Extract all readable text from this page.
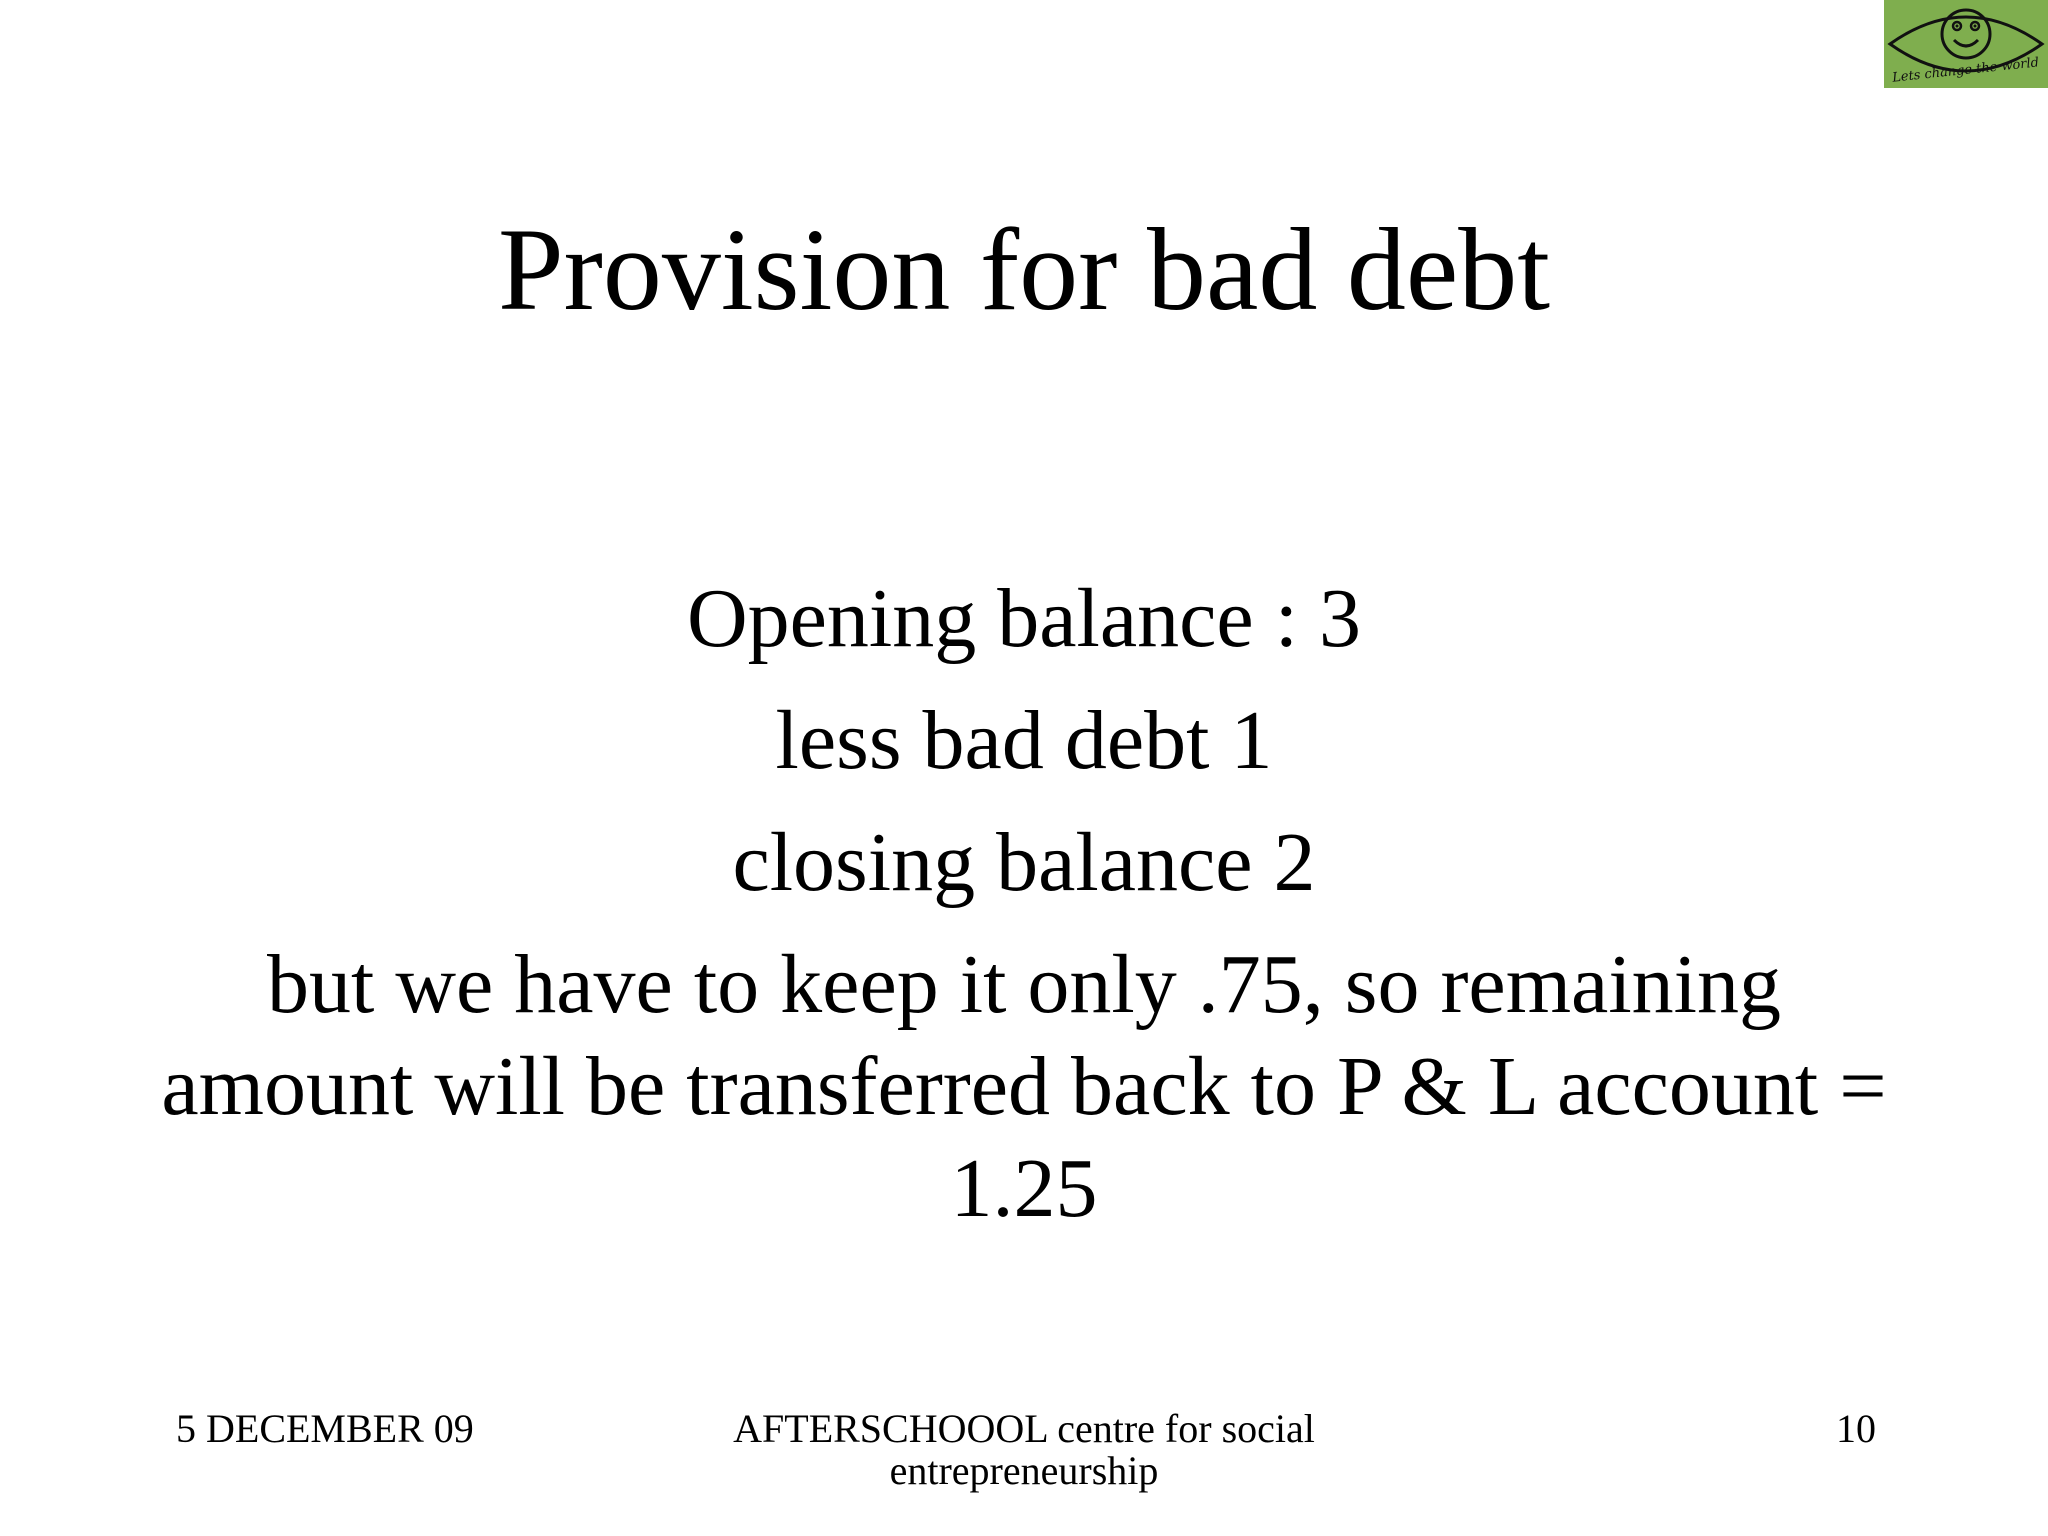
Lets change the world
Provision for bad debt
Opening balance : 3
less bad debt 1
closing balance 2
but we have to keep it only .75, so remaining amount will be transferred back to P & L account = 1.25
5 DECEMBER 09	AFTERSCHOOOL centre for social entrepreneurship
10
